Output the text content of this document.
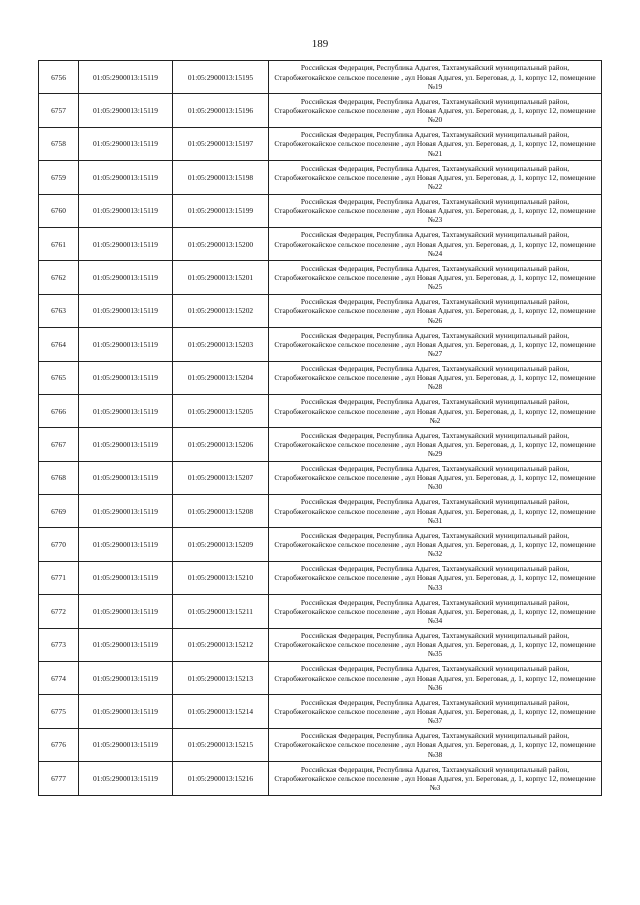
189
6756	01:05:2900013:15119	01:05:2900013:15195	Российская Федерация, Республика Адыгея, Тахтамукайский муниципальный район, Старобжегокайское сельское поселение , аул Новая Адыгея, ул. Береговая, д. 1, корпус 12, помещение №19
6757	01:05:2900013:15119	01:05:2900013:15196	Российская Федерация, Республика Адыгея, Тахтамукайский муниципальный район, Старобжегокайское сельское поселение , аул Новая Адыгея, ул. Береговая, д. 1, корпус 12, помещение №20
6758	01:05:2900013:15119	01:05:2900013:15197	Российская Федерация, Республика Адыгея, Тахтамукайский муниципальный район, Старобжегокайское сельское поселение , аул Новая Адыгея, ул. Береговая, д. 1, корпус 12, помещение №21
6759	01:05:2900013:15119	01:05:2900013:15198	Российская Федерация, Республика Адыгея, Тахтамукайский муниципальный район, Старобжегокайское сельское поселение , аул Новая Адыгея, ул. Береговая, д. 1, корпус 12, помещение №22
6760	01:05:2900013:15119	01:05:2900013:15199	Российская Федерация, Республика Адыгея, Тахтамукайский муниципальный район, Старобжегокайское сельское поселение , аул Новая Адыгея, ул. Береговая, д. 1, корпус 12, помещение №23
6761	01:05:2900013:15119	01:05:2900013:15200	Российская Федерация, Республика Адыгея, Тахтамукайский муниципальный район, Старобжегокайское сельское поселение , аул Новая Адыгея, ул. Береговая, д. 1, корпус 12, помещение №24
6762	01:05:2900013:15119	01:05:2900013:15201	Российская Федерация, Республика Адыгея, Тахтамукайский муниципальный район, Старобжегокайское сельское поселение , аул Новая Адыгея, ул. Береговая, д. 1, корпус 12, помещение №25
6763	01:05:2900013:15119	01:05:2900013:15202	Российская Федерация, Республика Адыгея, Тахтамукайский муниципальный район, Старобжегокайское сельское поселение , аул Новая Адыгея, ул. Береговая, д. 1, корпус 12, помещение №26
6764	01:05:2900013:15119	01:05:2900013:15203	Российская Федерация, Республика Адыгея, Тахтамукайский муниципальный район, Старобжегокайское сельское поселение , аул Новая Адыгея, ул. Береговая, д. 1, корпус 12, помещение №27
6765	01:05:2900013:15119	01:05:2900013:15204	Российская Федерация, Республика Адыгея, Тахтамукайский муниципальный район, Старобжегокайское сельское поселение , аул Новая Адыгея, ул. Береговая, д. 1, корпус 12, помещение №28
6766	01:05:2900013:15119	01:05:2900013:15205	Российская Федерация, Республика Адыгея, Тахтамукайский муниципальный район, Старобжегокайское сельское поселение , аул Новая Адыгея, ул. Береговая, д. 1, корпус 12, помещение №2
6767	01:05:2900013:15119	01:05:2900013:15206	Российская Федерация, Республика Адыгея, Тахтамукайский муниципальный район, Старобжегокайское сельское поселение , аул Новая Адыгея, ул. Береговая, д. 1, корпус 12, помещение №29
6768	01:05:2900013:15119	01:05:2900013:15207	Российская Федерация, Республика Адыгея, Тахтамукайский муниципальный район, Старобжегокайское сельское поселение , аул Новая Адыгея, ул. Береговая, д. 1, корпус 12, помещение №30
6769	01:05:2900013:15119	01:05:2900013:15208	Российская Федерация, Республика Адыгея, Тахтамукайский муниципальный район, Старобжегокайское сельское поселение , аул Новая Адыгея, ул. Береговая, д. 1, корпус 12, помещение №31
6770	01:05:2900013:15119	01:05:2900013:15209	Российская Федерация, Республика Адыгея, Тахтамукайский муниципальный район, Старобжегокайское сельское поселение , аул Новая Адыгея, ул. Береговая, д. 1, корпус 12, помещение №32
6771	01:05:2900013:15119	01:05:2900013:15210	Российская Федерация, Республика Адыгея, Тахтамукайский муниципальный район, Старобжегокайское сельское поселение , аул Новая Адыгея, ул. Береговая, д. 1, корпус 12, помещение №33
6772	01:05:2900013:15119	01:05:2900013:15211	Российская Федерация, Республика Адыгея, Тахтамукайский муниципальный район, Старобжегокайское сельское поселение , аул Новая Адыгея, ул. Береговая, д. 1, корпус 12, помещение №34
6773	01:05:2900013:15119	01:05:2900013:15212	Российская Федерация, Республика Адыгея, Тахтамукайский муниципальный район, Старобжегокайское сельское поселение , аул Новая Адыгея, ул. Береговая, д. 1, корпус 12, помещение №35
6774	01:05:2900013:15119	01:05:2900013:15213	Российская Федерация, Республика Адыгея, Тахтамукайский муниципальный район, Старобжегокайское сельское поселение , аул Новая Адыгея, ул. Береговая, д. 1, корпус 12, помещение №36
6775	01:05:2900013:15119	01:05:2900013:15214	Российская Федерация, Республика Адыгея, Тахтамукайский муниципальный район, Старобжегокайское сельское поселение , аул Новая Адыгея, ул. Береговая, д. 1, корпус 12, помещение №37
6776	01:05:2900013:15119	01:05:2900013:15215	Российская Федерация, Республика Адыгея, Тахтамукайский муниципальный район, Старобжегокайское сельское поселение , аул Новая Адыгея, ул. Береговая, д. 1, корпус 12, помещение №38
6777	01:05:2900013:15119	01:05:2900013:15216	Российская Федерация, Республика Адыгея, Тахтамукайский муниципальный район, Старобжегокайское сельское поселение , аул Новая Адыгея, ул. Береговая, д. 1, корпус 12, помещение №3
